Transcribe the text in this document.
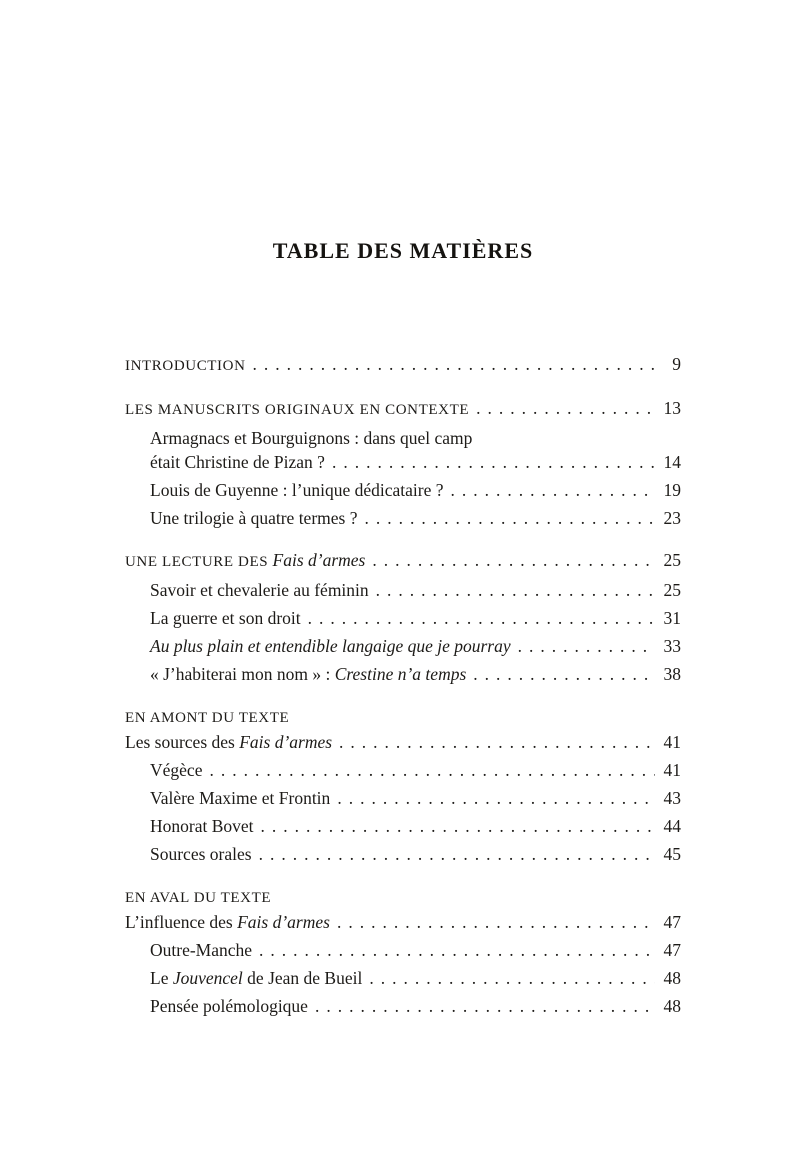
TABLE DES MATIÈRES
INTRODUCTION .....	9
LES MANUSCRITS ORIGINAUX EN CONTEXTE .....	13
Armagnacs et Bourguignons : dans quel camp
était Christine de Pizan ? .....	14
Louis de Guyenne : l’unique dédicataire ? .....	19
Une trilogie à quatre termes ? .....	23
UNE LECTURE DES Fais d’armes .....	25
Savoir et chevalerie au féminin .....	25
La guerre et son droit .....	31
Au plus plain et entendible langaige que je pourray .....	33
« J’habiterai mon nom » : Crestine n’a temps .....	38
EN AMONT DU TEXTE
Les sources des Fais d’armes .....	41
Végèce .....	41
Valère Maxime et Frontin .....	43
Honorat Bovet .....	44
Sources orales .....	45
EN AVAL DU TEXTE
L’influence des Fais d’armes .....	47
Outre-Manche .....	47
Le Jouvencel de Jean de Bueil .....	48
Pensée polémologique .....	48
